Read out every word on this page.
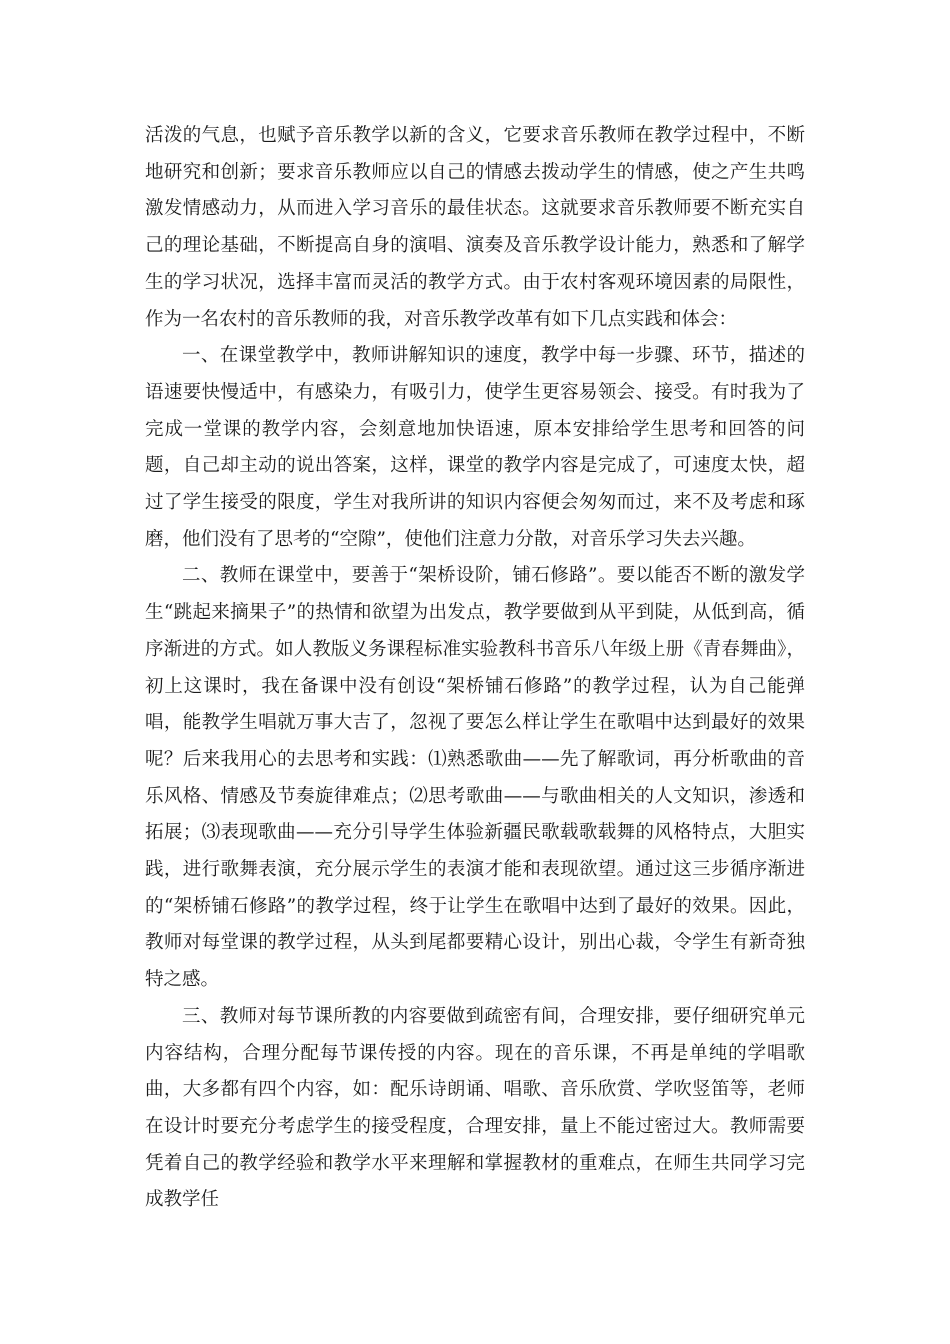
活泼的气息，也赋予音乐教学以新的含义，它要求音乐教师在教学过程中，不断地研究和创新；要求音乐教师应以自己的情感去拨动学生的情感，使之产生共鸣激发情感动力，从而进入学习音乐的最佳状态。这就要求音乐教师要不断充实自己的理论基础，不断提高自身的演唱、演奏及音乐教学设计能力，熟悉和了解学生的学习状况，选择丰富而灵活的教学方式。由于农村客观环境因素的局限性，作为一名农村的音乐教师的我，对音乐教学改革有如下几点实践和体会：

一、在课堂教学中，教师讲解知识的速度，教学中每一步骤、环节，描述的语速要快慢适中，有感染力，有吸引力，使学生更容易领会、接受。有时我为了完成一堂课的教学内容，会刻意地加快语速，原本安排给学生思考和回答的问题，自己却主动的说出答案，这样，课堂的教学内容是完成了，可速度太快，超过了学生接受的限度，学生对我所讲的知识内容便会匆匆而过，来不及考虑和琢磨，他们没有了思考的“空隙”，使他们注意力分散，对音乐学习失去兴趣。

二、教师在课堂中，要善于“架桥设阶，铺石修路”。要以能否不断的激发学生“跳起来摘果子”的热情和欲望为出发点，教学要做到从平到陡，从低到高，循序渐进的方式。如人教版义务课程标准实验教科书音乐八年级上册《青春舞曲》，初上这课时，我在备课中没有创设“架桥铺石修路”的教学过程，认为自己能弹唱，能教学生唱就万事大吉了，忽视了要怎么样让学生在歌唱中达到最好的效果呢？后来我用心的去思考和实践：⑴熟悉歌曲——先了解歌词，再分析歌曲的音乐风格、情感及节奏旋律难点；⑵思考歌曲——与歌曲相关的人文知识，渗透和拓展；⑶表现歌曲——充分引导学生体验新疆民歌载歌载舞的风格特点，大胆实践，进行歌舞表演，充分展示学生的表演才能和表现欲望。通过这三步循序渐进的“架桥铺石修路”的教学过程，终于让学生在歌唱中达到了最好的效果。因此，教师对每堂课的教学过程，从头到尾都要精心设计，别出心裁，令学生有新奇独特之感。

三、教师对每节课所教的内容要做到疏密有间，合理安排，要仔细研究单元内容结构，合理分配每节课传授的内容。现在的音乐课，不再是单纯的学唱歌曲，大多都有四个内容，如：配乐诗朗诵、唱歌、音乐欣赏、学吹竖笛等，老师在设计时要充分考虑学生的接受程度，合理安排，量上不能过密过大。教师需要凭着自己的教学经验和教学水平来理解和掌握教材的重难点，在师生共同学习完成教学任
